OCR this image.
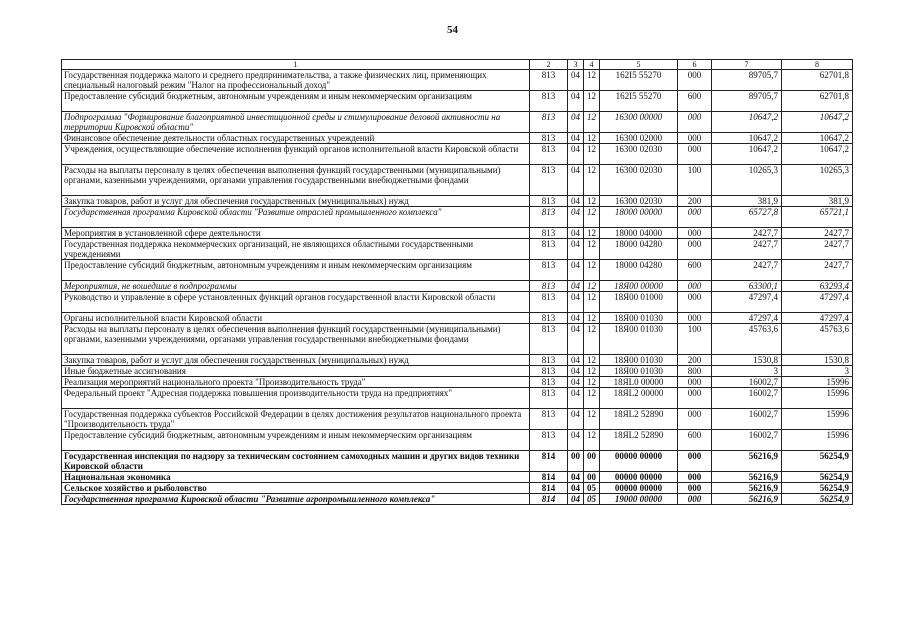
54
1	2	3	4	5	6	7	8
Государственная поддержка малого и среднего предпринимательства, а также физических лиц, применяющих специальный налоговый режим "Налог на профессиональный доход"	813	04	12	162I5 55270	000	89705,7	62701,8
Предоставление субсидий бюджетным, автономным учреждениям и иным некоммерческим организациям	813	04	12	162I5 55270	600	89705,7	62701,8
Подпрограмма "Формирование благоприятной инвестиционной среды и стимулирование деловой активности на территории Кировской области"	813	04	12	16300 00000	000	10647,2	10647,2
Финансовое обеспечение деятельности областных государственных учреждений	813	04	12	16300 02000	000	10647,2	10647,2
Учреждения, осуществляющие обеспечение исполнения функций органов исполнительной власти Кировской области	813	04	12	16300 02030	000	10647,2	10647,2
Расходы на выплаты персоналу в целях обеспечения выполнения функций государственными (муниципальными) органами, казенными учреждениями, органами управления государственными внебюджетными фондами	813	04	12	16300 02030	100	10265,3	10265,3
Закупка товаров, работ и услуг для обеспечения государственных (муниципальных) нужд	813	04	12	16300 02030	200	381,9	381,9
Государственная программа Кировской области "Развитие отраслей промышленного комплекса"	813	04	12	18000 00000	000	65727,8	65721,1
Мероприятия в установленной сфере деятельности	813	04	12	18000 04000	000	2427,7	2427,7
Государственная поддержка некоммерческих организаций, не являющихся областными государственными учреждениями	813	04	12	18000 04280	000	2427,7	2427,7
Предоставление субсидий бюджетным, автономным учреждениям и иным некоммерческим организациям	813	04	12	18000 04280	600	2427,7	2427,7
Мероприятия, не вошедшие в подпрограммы	813	04	12	18Я00 00000	000	63300,1	63293,4
Руководство и управление в сфере установленных функций органов государственной власти Кировской области	813	04	12	18Я00 01000	000	47297,4	47297,4
Органы исполнительной власти Кировской области	813	04	12	18Я00 01030	000	47297,4	47297,4
Расходы на выплаты персоналу в целях обеспечения выполнения функций государственными (муниципальными) органами, казенными учреждениями, органами управления государственными внебюджетными фондами	813	04	12	18Я00 01030	100	45763,6	45763,6
Закупка товаров, работ и услуг для обеспечения государственных (муниципальных) нужд	813	04	12	18Я00 01030	200	1530,8	1530,8
Иные бюджетные ассигнования	813	04	12	18Я00 01030	800	3	3
Реализация мероприятий национального проекта "Производительность труда"	813	04	12	18ЯL0 00000	000	16002,7	15996
Федеральный проект "Адресная поддержка повышения производительности труда на предприятиях"	813	04	12	18ЯL2 00000	000	16002,7	15996
Государственная поддержка субъектов Российской Федерации в целях достижения результатов национального проекта "Производительность труда"	813	04	12	18ЯL2 52890	000	16002,7	15996
Предоставление субсидий бюджетным, автономным учреждениям и иным некоммерческим организациям	813	04	12	18ЯL2 52890	600	16002,7	15996
Государственная инспекция по надзору за техническим состоянием самоходных машин и других видов техники Кировской области	814	00	00	00000 00000	000	56216,9	56254,9
Национальная экономика	814	04	00	00000 00000	000	56216,9	56254,9
Сельское хозяйство и рыболовство	814	04	05	00000 00000	000	56216,9	56254,9
Государственная программа Кировской области "Развитие агропромышленного комплекса"	814	04	05	19000 00000	000	56216,9	56254,9
